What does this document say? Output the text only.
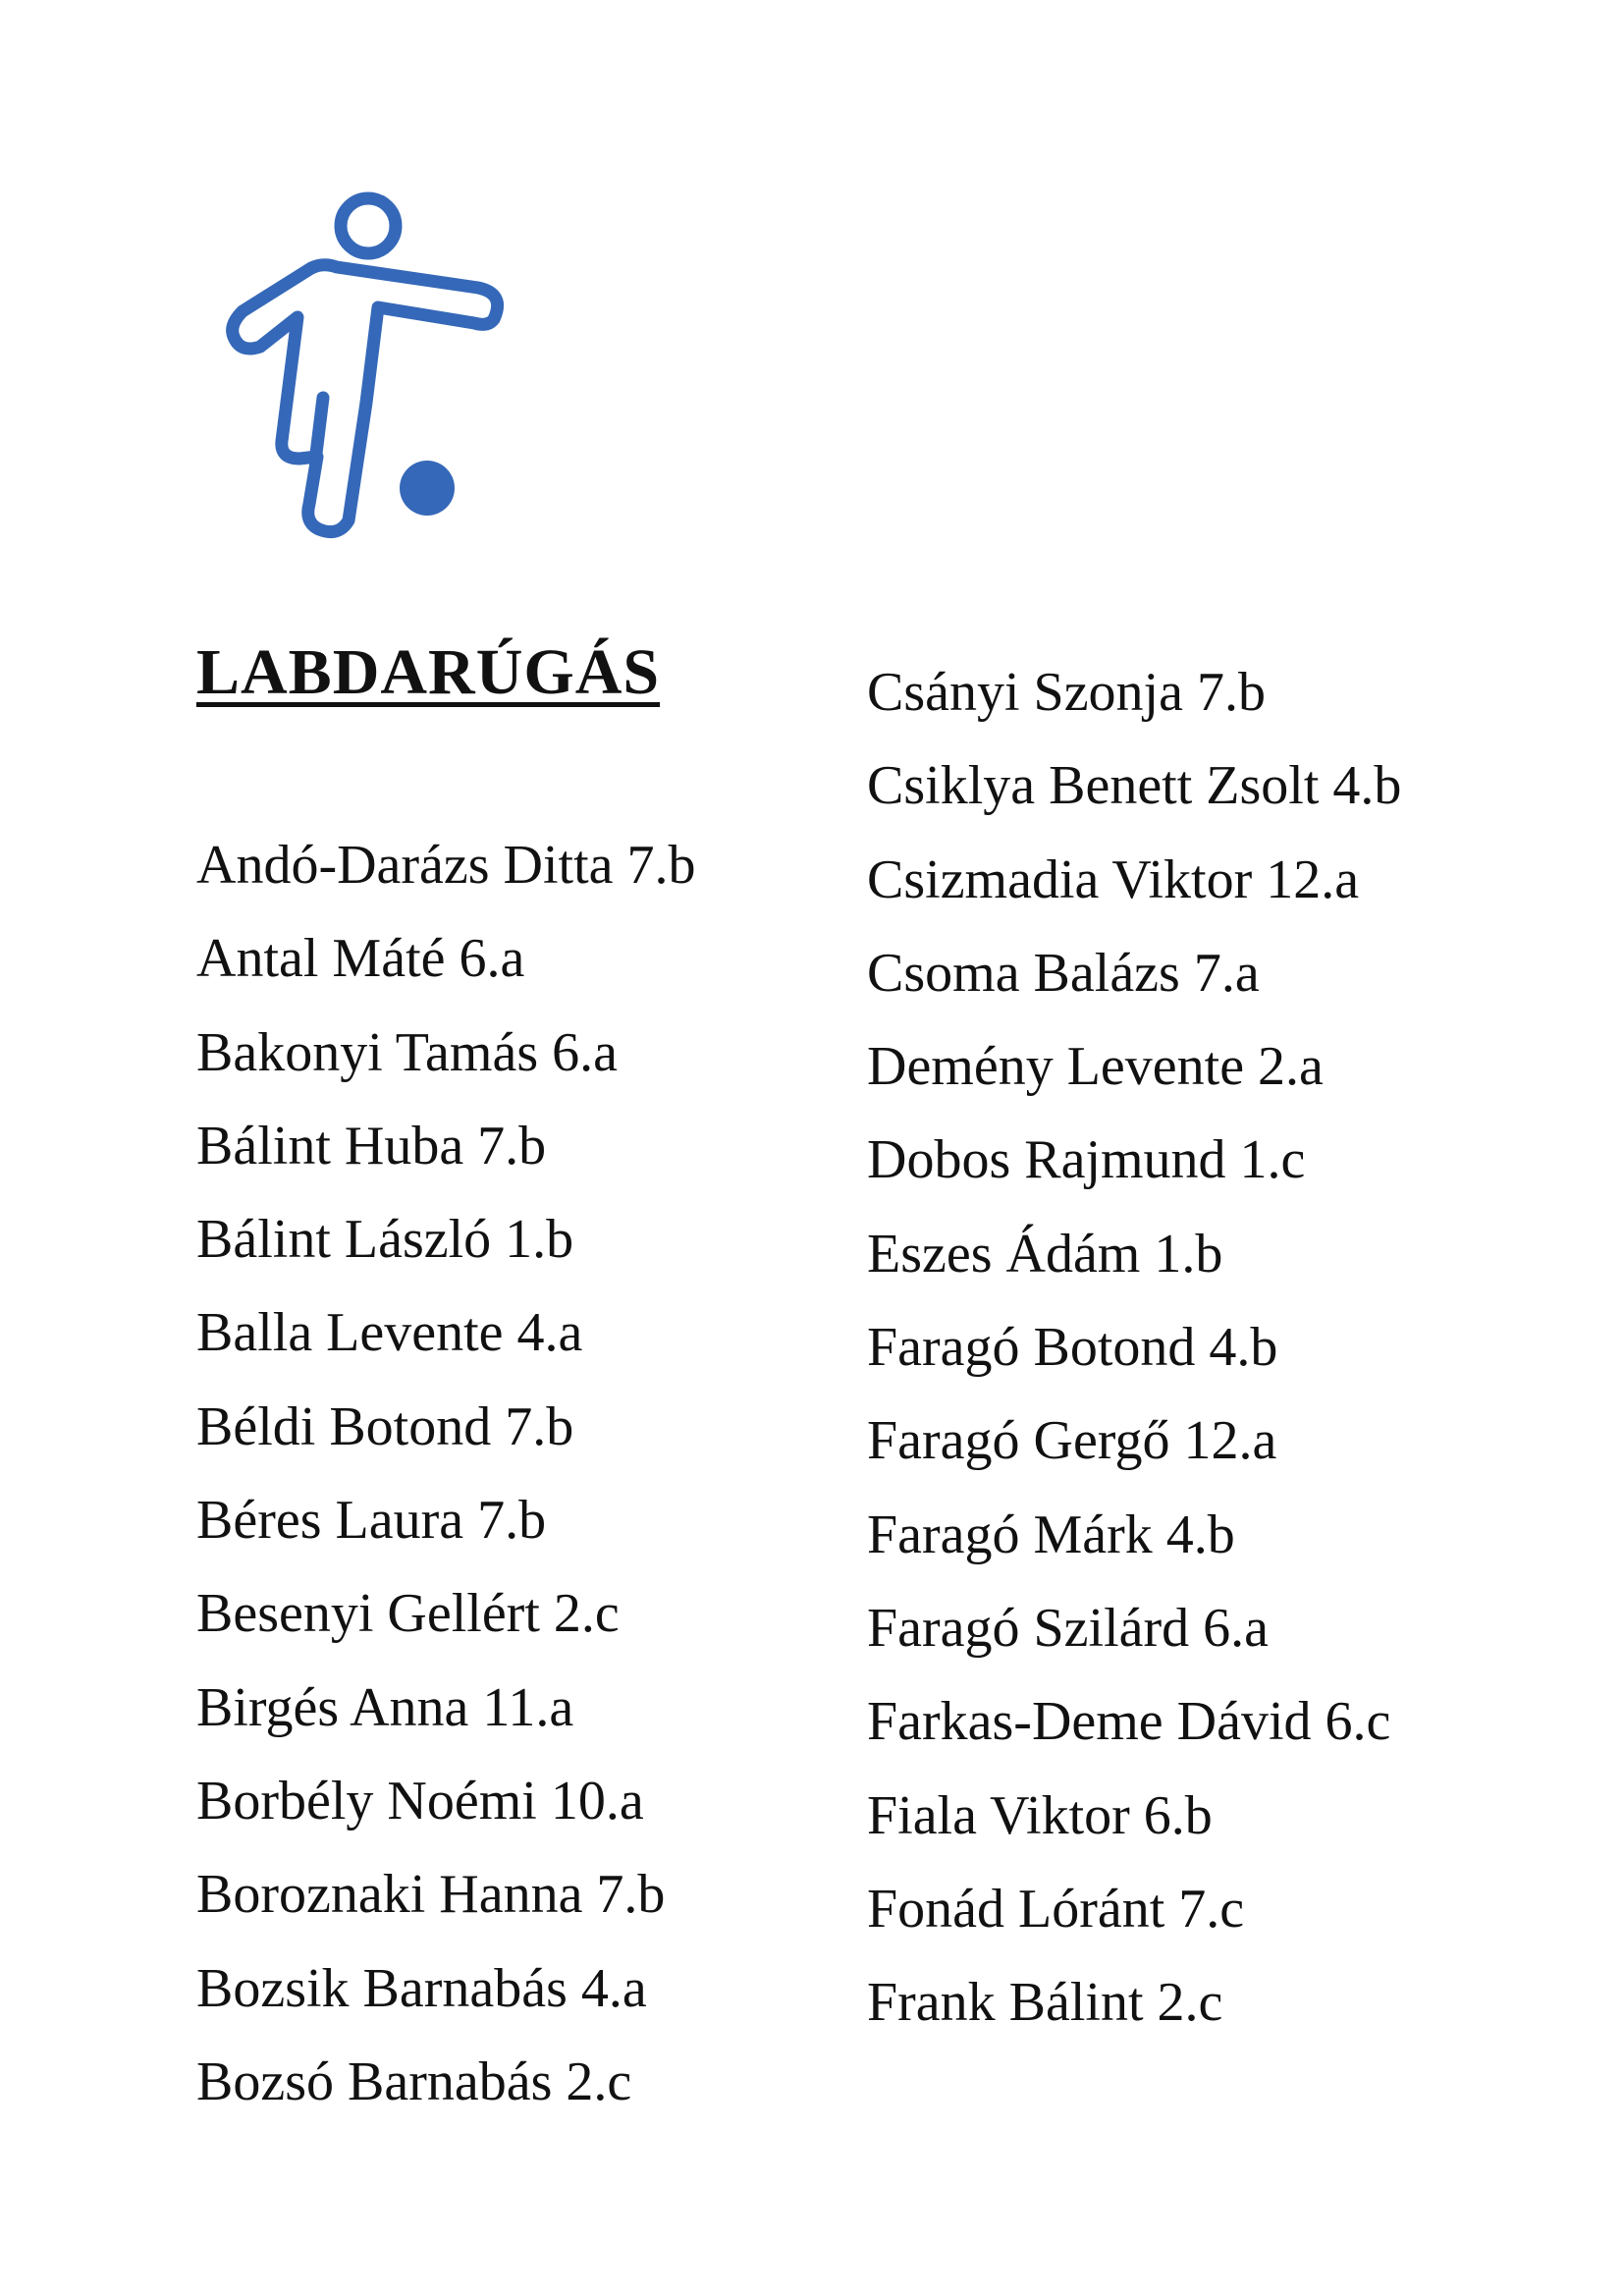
LABDARÚGÁS
Andó-Darázs Ditta 7.b
Antal Máté 6.a
Bakonyi Tamás 6.a
Bálint Huba 7.b
Bálint László 1.b
Balla Levente 4.a
Béldi Botond 7.b
Béres Laura 7.b
Besenyi Gellért 2.c
Birgés Anna 11.a
Borbély Noémi 10.a
Boroznaki Hanna 7.b
Bozsik Barnabás 4.a
Bozsó Barnabás 2.c
Csányi Szonja 7.b
Csiklya Benett Zsolt 4.b
Csizmadia Viktor 12.a
Csoma Balázs 7.a
Demény Levente 2.a
Dobos Rajmund 1.c
Eszes Ádám 1.b
Faragó Botond 4.b
Faragó Gergő 12.a
Faragó Márk 4.b
Faragó Szilárd 6.a
Farkas-Deme Dávid 6.c
Fiala Viktor 6.b
Fonád Lóránt 7.c
Frank Bálint 2.c
